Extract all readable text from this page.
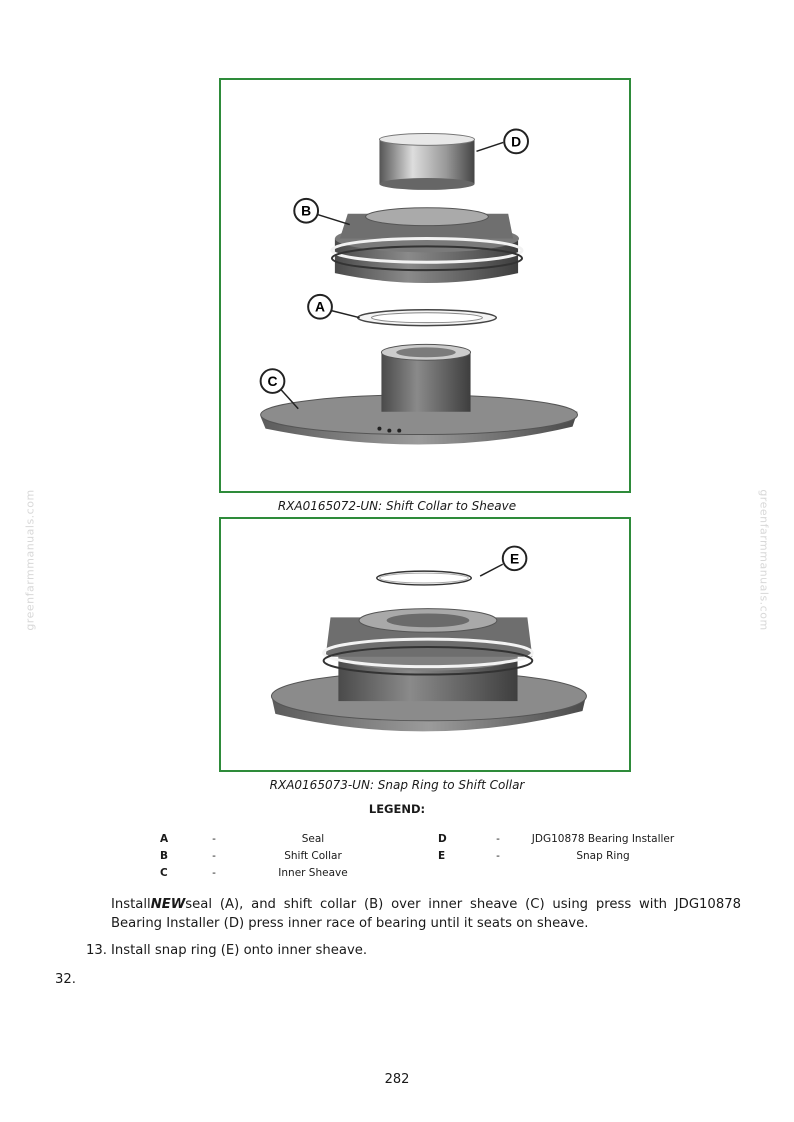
greenfarmmanuals.com	greenfarmmanuals.com
D
B
A
C
RXA0165072-UN: Shift Collar to Sheave
E
RXA0165073-UN: Snap Ring to Shift Collar
LEGEND:
A	-	Seal	D	-	JDG10878 Bearing Installer
B	-	Shift Collar	E	-	Snap Ring
C	-	Inner Sheave
InstallNEWseal (A), and shift collar (B) over inner sheave (C) using press with JDG10878 Bearing Installer (D) press inner race of bearing until it seats on sheave.
13. Install snap ring (E) onto inner sheave.
32.
282
